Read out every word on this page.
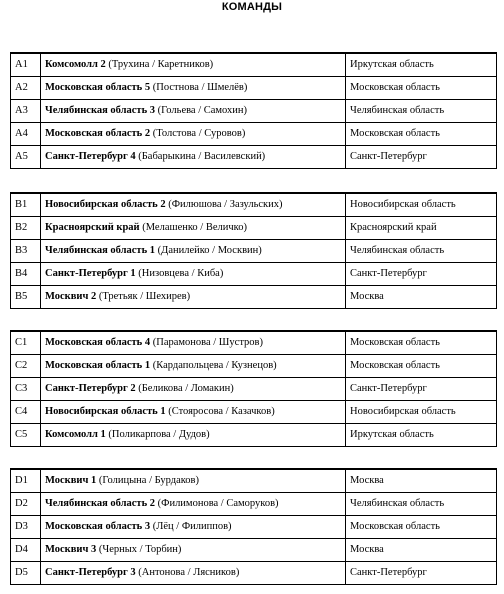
КОМАНДЫ
A1	Комсомолл 2 (Трухина / Каретников)	Иркутская область
A2	Московская область 5 (Постнова / Шмелёв)	Московская область
A3	Челябинская область 3 (Гольева / Самохин)	Челябинская область
A4	Московская область 2 (Толстова / Суровов)	Московская область
A5	Санкт-Петербург 4 (Бабарыкина / Василевский)	Санкт-Петербург
B1	Новосибирская область 2 (Филюшова / Зазульских)	Новосибирская область
B2	Красноярский край (Мелашенко / Величко)	Красноярский край
B3	Челябинская область 1 (Данилейко / Москвин)	Челябинская область
B4	Санкт-Петербург 1 (Низовцева / Киба)	Санкт-Петербург
B5	Москвич 2 (Третьяк / Шехирев)	Москва
C1	Московская область 4 (Парамонова / Шустров)	Московская область
C2	Московская область 1 (Кардапольцева / Кузнецов)	Московская область
C3	Санкт-Петербург 2 (Беликова / Ломакин)	Санкт-Петербург
C4	Новосибирская область 1 (Стояросова / Казачков)	Новосибирская область
C5	Комсомолл 1 (Поликарпова / Дудов)	Иркутская область
D1	Москвич 1 (Голицына / Бурдаков)	Москва
D2	Челябинская область 2 (Филимонова / Саморуков)	Челябинская область
D3	Московская область 3 (Лёц / Филиппов)	Московская область
D4	Москвич 3 (Черных / Торбин)	Москва
D5	Санкт-Петербург 3 (Антонова / Лясников)	Санкт-Петербург
